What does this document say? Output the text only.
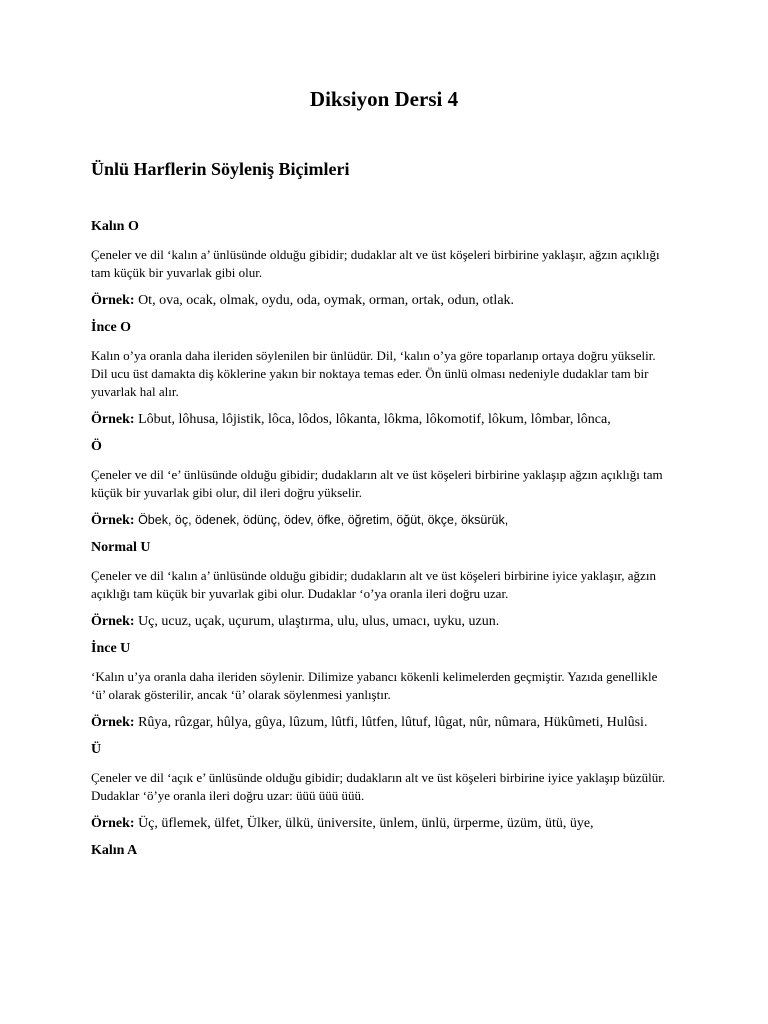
Diksiyon Dersi 4
Ünlü Harflerin Söyleniş Biçimleri
Kalın O
Çeneler ve dil ‘kalın a’ ünlüsünde olduğu gibidir; dudaklar alt ve üst köşeleri birbirine yaklaşır, ağzın açıklığı tam küçük bir yuvarlak gibi olur.
Örnek: Ot, ova, ocak, olmak, oydu, oda, oymak, orman, ortak, odun, otlak.
İnce O
Kalın o’ya oranla daha ileriden söylenilen bir ünlüdür. Dil, ‘kalın o’ya göre toparlanıp ortaya doğru yükselir. Dil ucu üst damakta diş köklerine yakın bir noktaya temas eder. Ön ünlü olması nedeniyle dudaklar tam bir yuvarlak hal alır.
Örnek: Lôbut, lôhusa, lôjistik, lôca, lôdos, lôkanta, lôkma, lôkomotif, lôkum, lômbar, lônca,
Ö
Çeneler ve dil ‘e’ ünlüsünde olduğu gibidir; dudakların alt ve üst köşeleri birbirine yaklaşıp ağzın açıklığı tam küçük bir yuvarlak gibi olur, dil ileri doğru yükselir.
Örnek: Öbek, öç, ödenek, ödünç, ödev, öfke, öğretim, öğüt, ökçe, öksürük,
Normal U
Çeneler ve dil ‘kalın a’ ünlüsünde olduğu gibidir; dudakların alt ve üst köşeleri birbirine iyice yaklaşır, ağzın açıklığı tam küçük bir yuvarlak gibi olur. Dudaklar ‘o’ya oranla ileri doğru uzar.
Örnek: Uç, ucuz, uçak, uçurum, ulaştırma, ulu, ulus, umacı, uyku, uzun.
İnce U
‘Kalın u’ya oranla daha ileriden söylenir. Dilimize yabancı kökenli kelimelerden geçmiştir. Yazıda genellikle ‘ü’ olarak gösterilir, ancak ‘ü’ olarak söylenmesi yanlıştır.
Örnek: Rûya, rûzgar, hûlya, gûya, lûzum, lûtfi, lûtfen, lûtuf, lûgat, nûr, nûmara, Hükûmeti, Hulûsi.
Ü
Çeneler ve dil ‘açık e’ ünlüsünde olduğu gibidir; dudakların alt ve üst köşeleri birbirine iyice yaklaşıp büzülür. Dudaklar ‘ö’ye oranla ileri doğru uzar: üüü üüü üüü.
Örnek: Üç, üflemek, ülfet, Ülker, ülkü, üniversite, ünlem, ünlü, ürperme, üzüm, ütü, üye,
Kalın A
